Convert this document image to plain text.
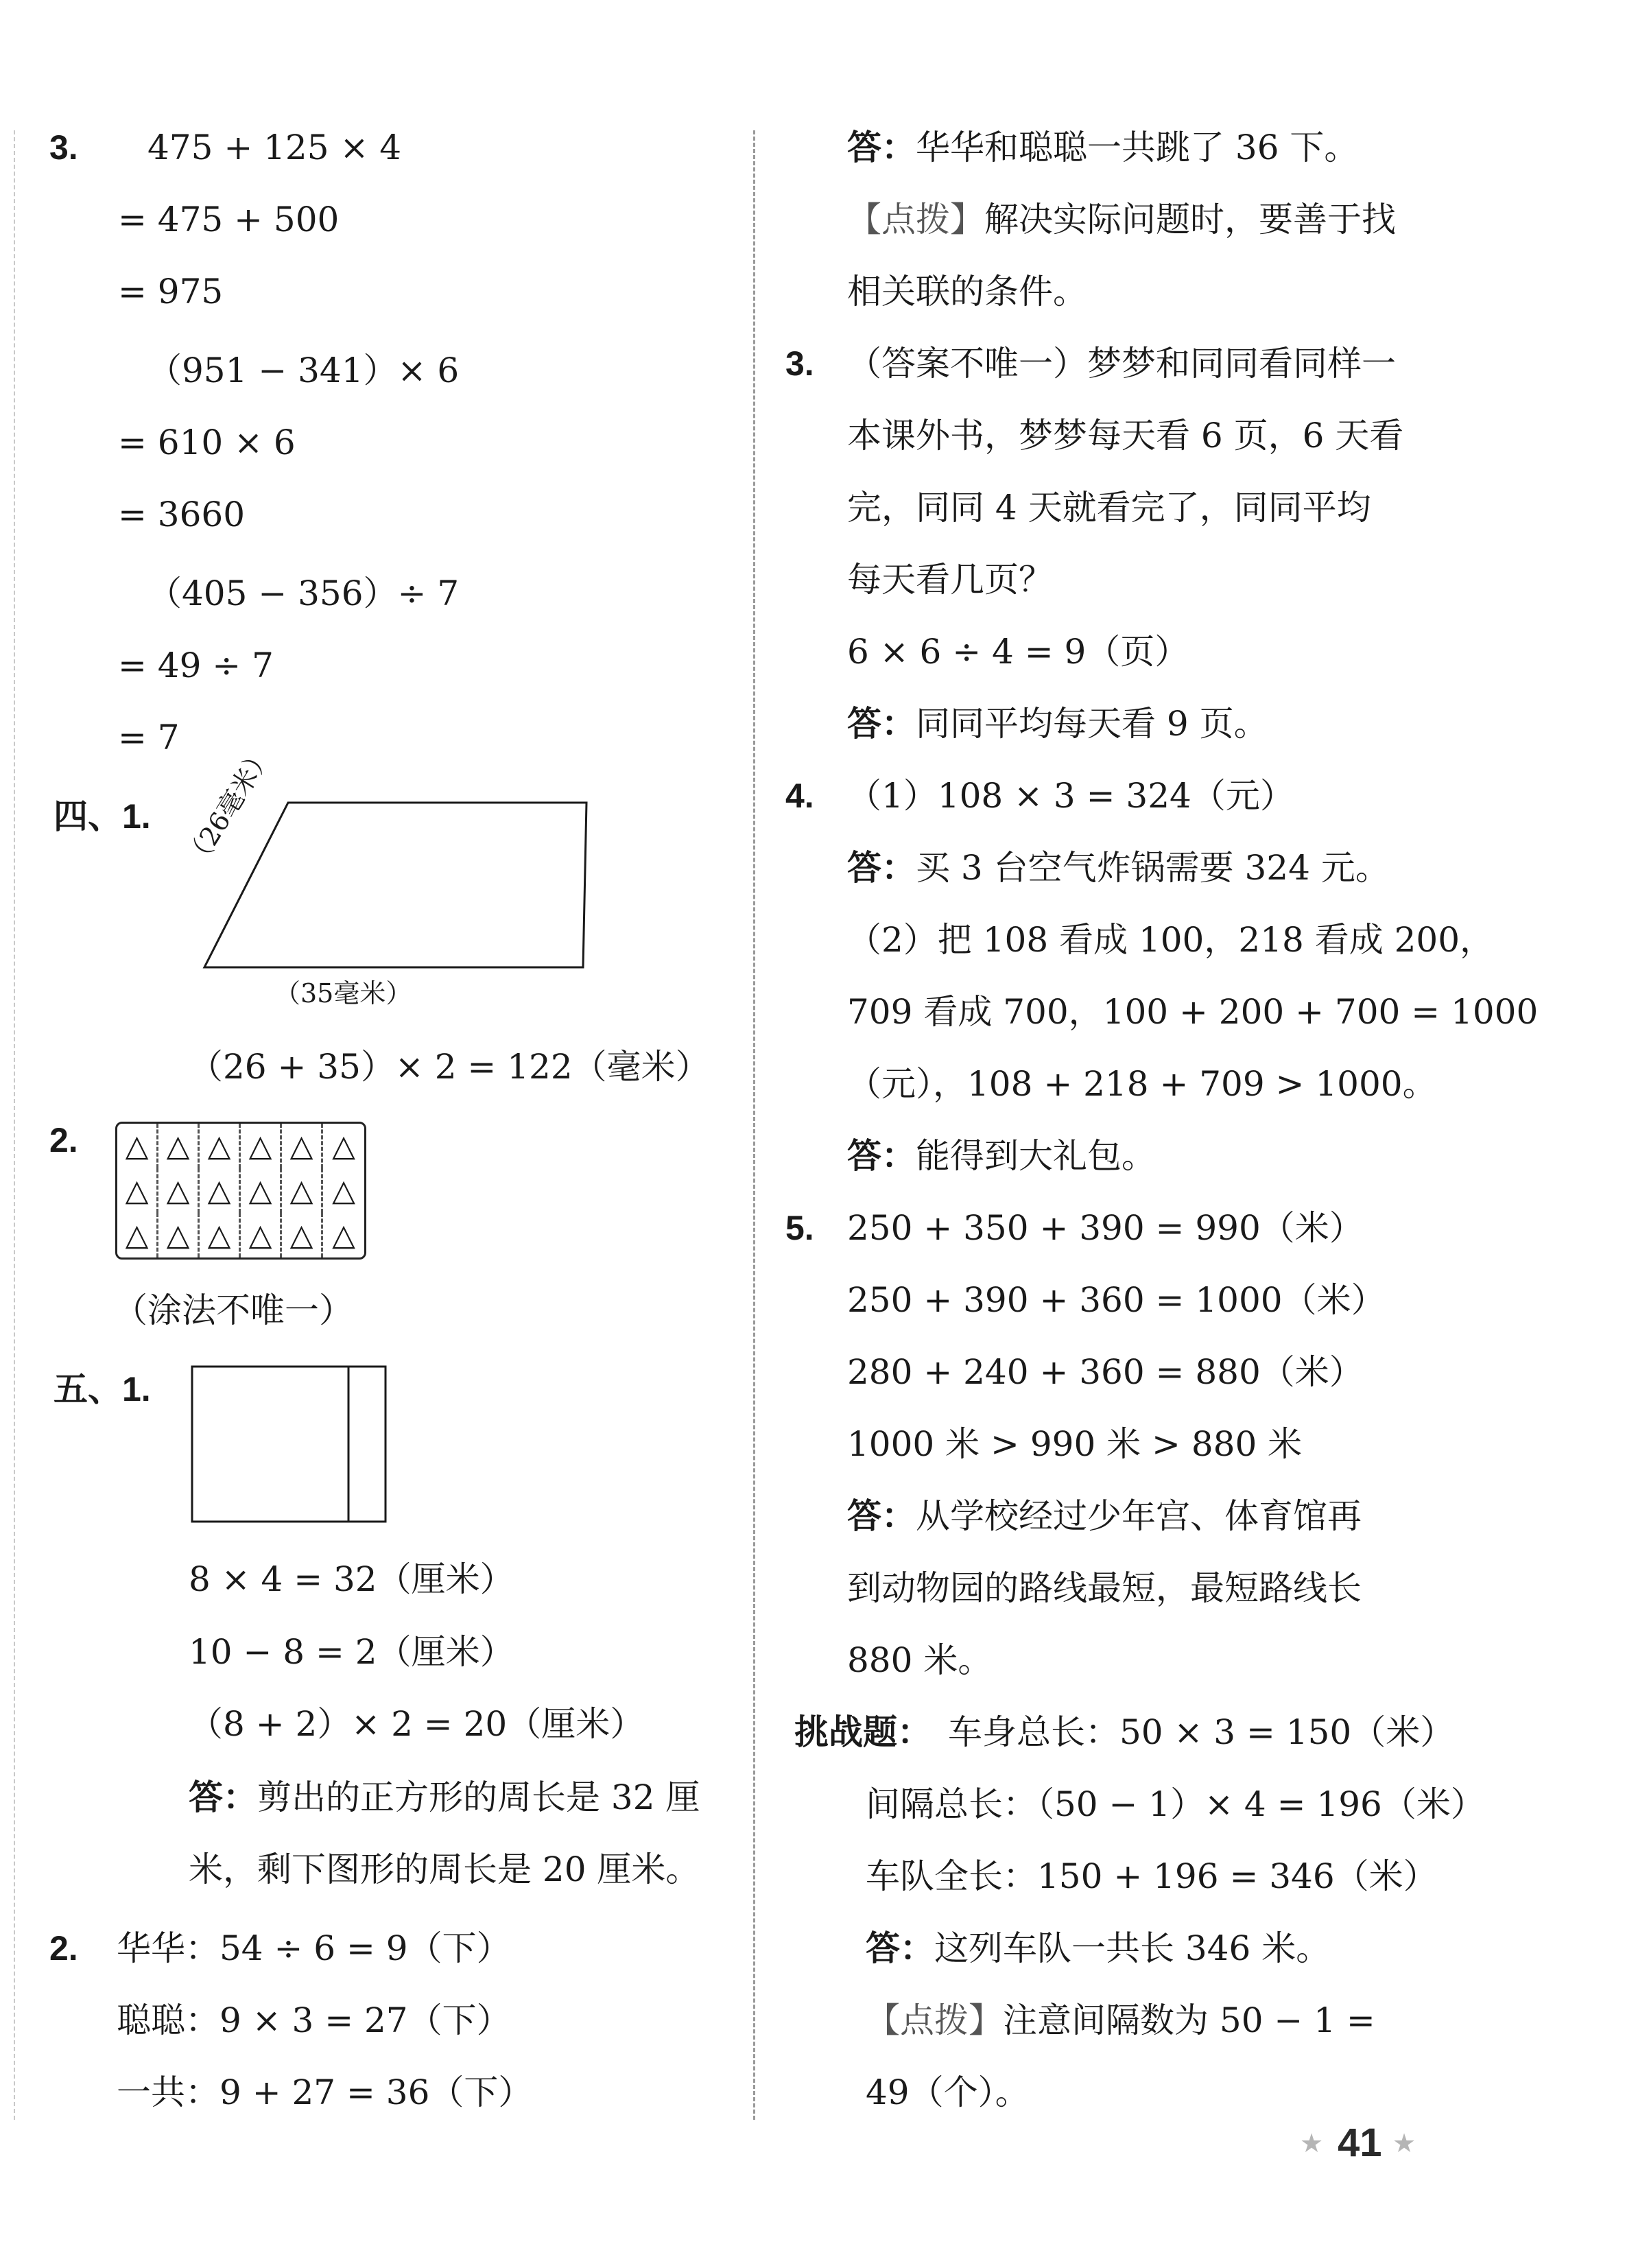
3. 475 + 125 × 4
= 475 + 500
= 975
（951 − 341）× 6
= 610 × 6
= 3660
（405 − 356）÷ 7
= 49 ÷ 7
= 7
四、1. （26毫米）
（35毫米）
（26 + 35）× 2 = 122（毫米）
2. △ △ △ △ △ △
△ △ △ △ △ △
△ △ △ △ △ △
（涂法不唯一）
五、1.
8 × 4 = 32（厘米）
10 − 8 = 2（厘米）
（8 + 2）× 2 = 20（厘米）
答：剪出的正方形的周长是 32 厘
米，剩下图形的周长是 20 厘米。
2. 华华：54 ÷ 6 = 9（下）
聪聪：9 × 3 = 27（下）
一共：9 + 27 = 36（下）
答：华华和聪聪一共跳了 36 下。
【点拨】解决实际问题时，要善于找
相关联的条件。
3. （答案不唯一）梦梦和同同看同样一
本课外书，梦梦每天看 6 页，6 天看
完，同同 4 天就看完了，同同平均
每天看几页？
6 × 6 ÷ 4 = 9（页）
答：同同平均每天看 9 页。
4. （1）108 × 3 = 324（元）
答：买 3 台空气炸锅需要 324 元。
（2）把 108 看成 100，218 看成 200，
709 看成 700，100 + 200 + 700 = 1000
（元），108 + 218 + 709 > 1000。
答：能得到大礼包。
5. 250 + 350 + 390 = 990（米）
250 + 390 + 360 = 1000（米）
280 + 240 + 360 = 880（米）
1000 米 > 990 米 > 880 米
答：从学校经过少年宫、体育馆再
到动物园的路线最短，最短路线长
880 米。
挑战题： 车身总长：50 × 3 = 150（米）
间隔总长：（50 − 1）× 4 = 196（米）
车队全长：150 + 196 = 346（米）
答：这列车队一共长 346 米。
【点拨】注意间隔数为 50 − 1 =
49（个）。
★ 41 ★
